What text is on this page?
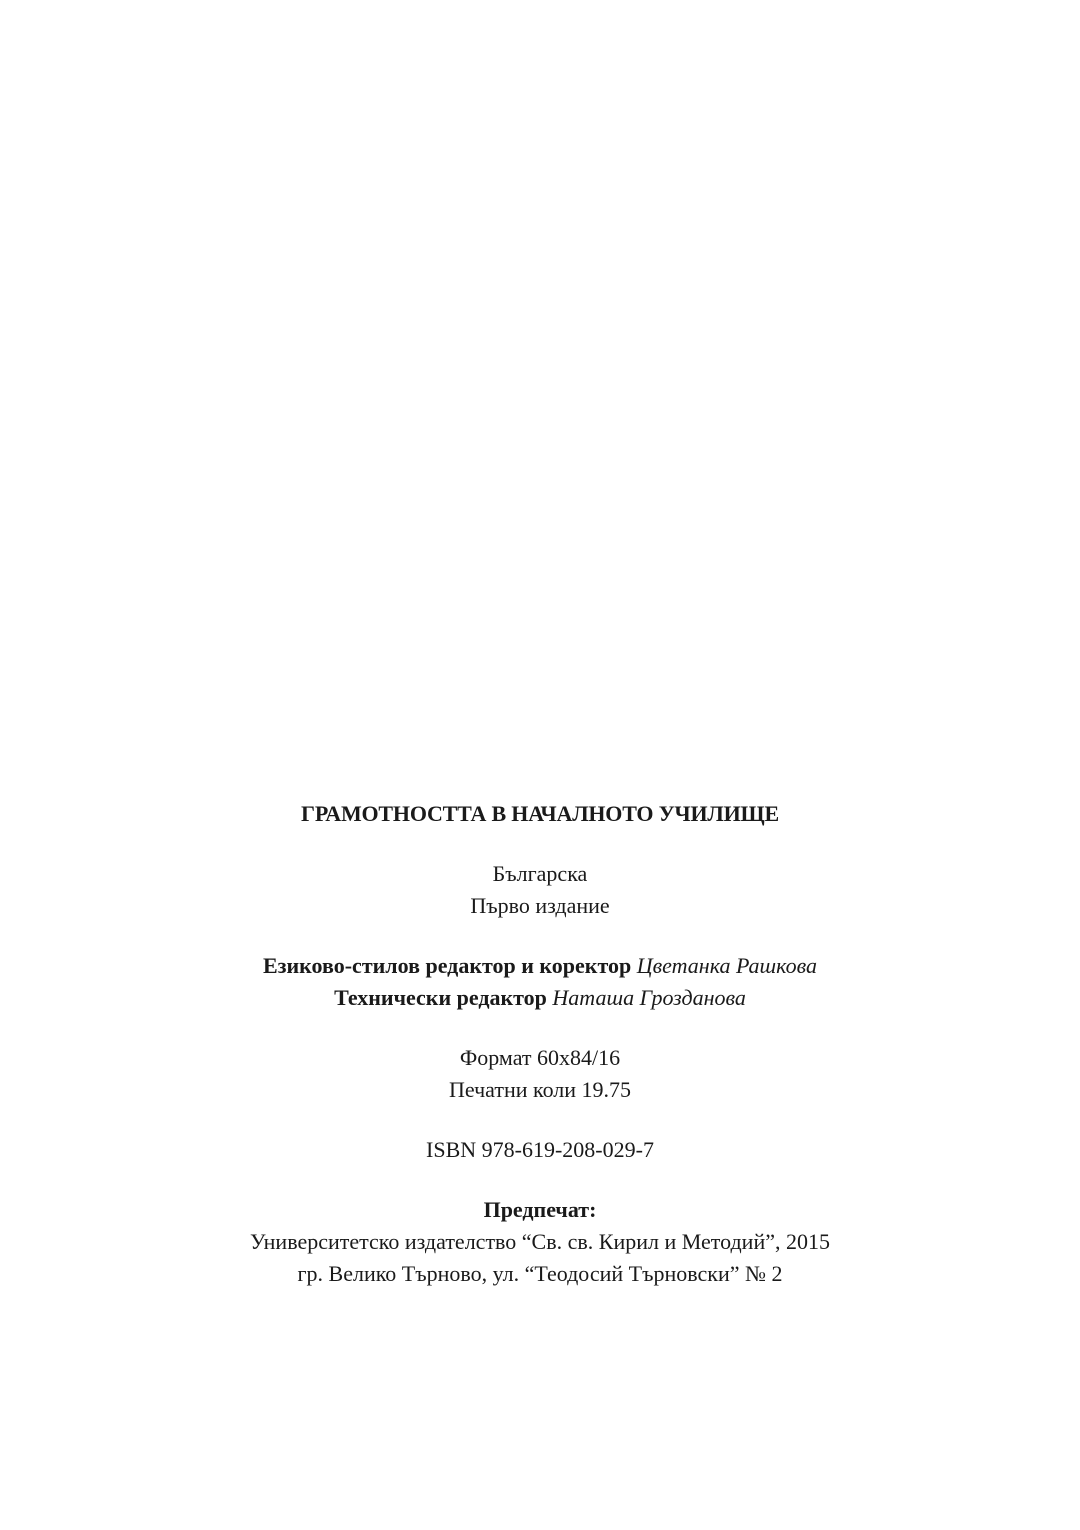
ГРАМОТНОСТТА В НАЧАЛНОТО УЧИЛИЩЕ
Българска
Първо издание
Езиково-стилов редактор и коректор Цветанка Рашкова
Технически редактор Наташа Грозданова
Формат 60x84/16
Печатни коли 19.75
ISBN 978-619-208-029-7
Предпечат:
Университетско издателство “Св. св. Кирил и Методий”, 2015
гр. Велико Търново, ул. “Теодосий Търновски” № 2
